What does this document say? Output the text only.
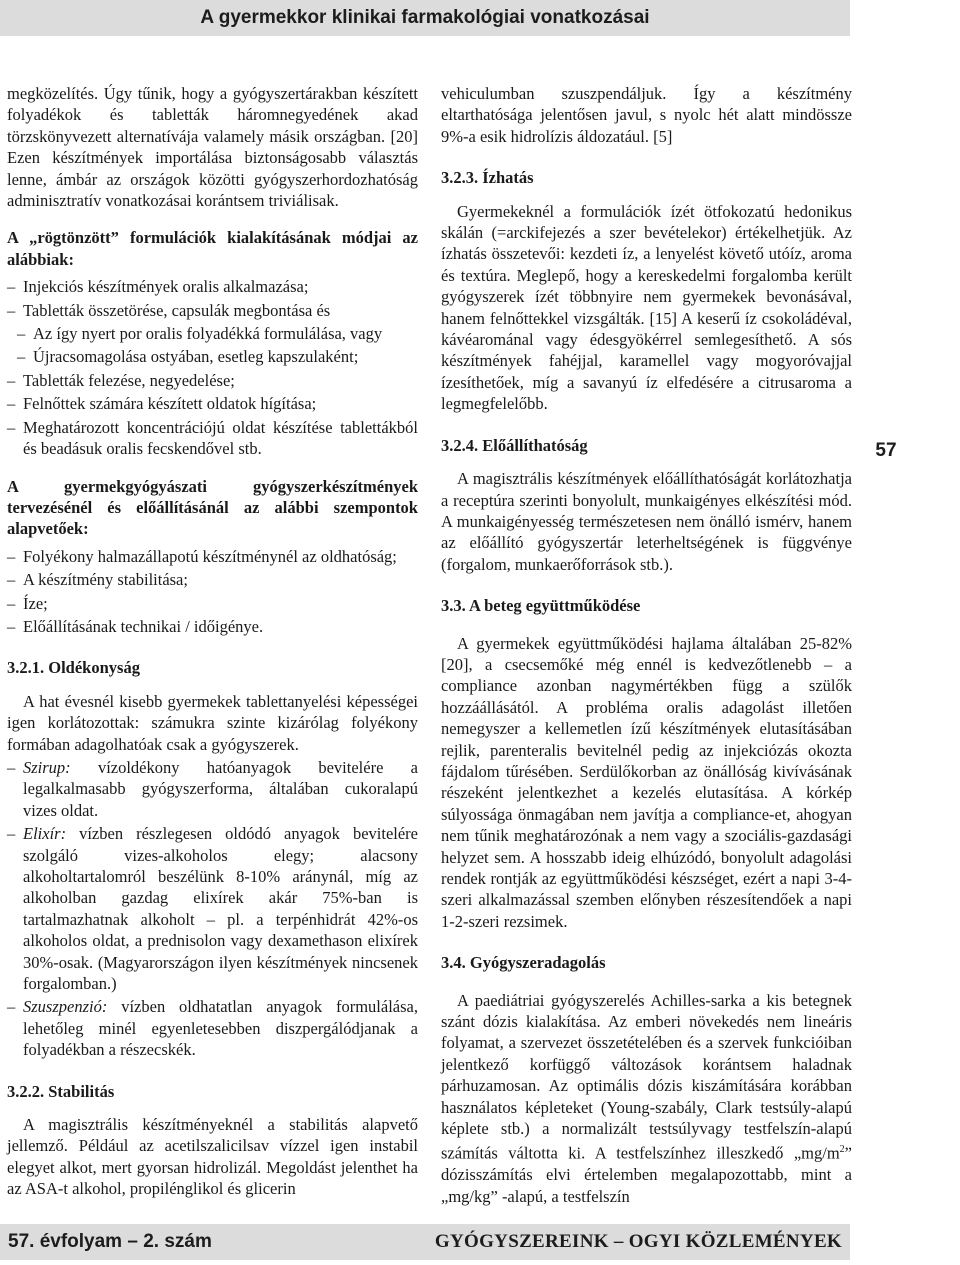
A gyermekkor klinikai farmakológiai vonatkozásai

megközelítés. Úgy tűnik, hogy a gyógyszertárakban készített folyadékok és tabletták háromnegyedének akad törzskönyvezett alternatívája valamely másik országban. [20] Ezen készítmények importálása biztonságosabb választás lenne, ámbár az országok közötti gyógyszerhordozhatóság adminisztratív vonatkozásai korántsem triviálisak.

A „rögtönzött” formulációk kialakításának módjai az alábbiak:

– Injekciós készítmények oralis alkalmazása;
– Tabletták összetörése, capsulák megbontása és
– Az így nyert por oralis folyadékká formulálása, vagy
– Újracsomagolása ostyában, esetleg kapszulaként;
– Tabletták felezése, negyedelése;
– Felnőttek számára készített oldatok hígítása;
– Meghatározott koncentrációjú oldat készítése tablettákból és beadásuk oralis fecskendővel stb.

A gyermekgyógyászati gyógyszerkészítmények tervezésénél és előállításánál az alábbi szempontok alapvetőek:

– Folyékony halmazállapotú készítménynél az oldhatóság;
– A készítmény stabilitása;
– Íze;
– Előállításának technikai / időigénye.

3.2.1. Oldékonyság

A hat évesnél kisebb gyermekek tablettanyelési képességei igen korlátozottak: számukra szinte kizárólag folyékony formában adagolhatóak csak a gyógyszerek.

– Szirup: vízoldékony hatóanyagok bevitelére a legalkalmasabb gyógyszerforma, általában cukoralapú vizes oldat.
– Elixír: vízben részlegesen oldódó anyagok bevitelére szolgáló vizes-alkoholos elegy; alacsony alkoholtartalomról beszélünk 8-10% aránynál, míg az alkoholban gazdag elixírek akár 75%-ban is tartalmazhatnak alkoholt – pl. a terpénhidrát 42%-os alkoholos oldat, a prednisolon vagy dexamethason elixírek 30%-osak. (Magyarországon ilyen készítmények nincsenek forgalomban.)
– Szuszpenzió: vízben oldhatatlan anyagok formulálása, lehetőleg minél egyenletesebben diszpergálódjanak a folyadékban a részecskék.

3.2.2. Stabilitás

A magisztrális készítményeknél a stabilitás alapvető jellemző. Például az acetilszalicilsav vízzel igen instabil elegyet alkot, mert gyorsan hidrolizál. Megoldást jelenthet ha az ASA-t alkohol, propilénglikol és glicerin

vehiculumban szuszpendáljuk. Így a készítmény eltarthatósága jelentősen javul, s nyolc hét alatt mindössze 9%-a esik hidrolízis áldozatául. [5]

3.2.3. Ízhatás

Gyermekeknél a formulációk ízét ötfokozatú hedonikus skálán (=arckifejezés a szer bevételekor) értékelhetjük. Az ízhatás összetevői: kezdeti íz, a lenyelést követő utóíz, aroma és textúra. Meglepő, hogy a kereskedelmi forgalomba került gyógyszerek ízét többnyire nem gyermekek bevonásával, hanem felnőttekkel vizsgálták. [15] A keserű íz csokoládéval, kávéarománal vagy édesgyökérrel semlegesíthető. A sós készítmények fahéjjal, karamellel vagy mogyoróvajjal ízesíthetőek, míg a savanyú íz elfedésére a citrusaroma a legmegfelelőbb.

3.2.4. Előállíthatóság

A magisztrális készítmények előállíthatóságát korlátozhatja a receptúra szerinti bonyolult, munkaigényes elkészítési mód. A munkaigényesség természetesen nem önálló ismérv, hanem az előállító gyógyszertár leterheltségének is függvénye (forgalom, munkaerőforrások stb.).

3.3. A beteg együttműködése

A gyermekek együttműködési hajlama általában 25-82% [20], a csecsemőké még ennél is kedvezőtlenebb – a compliance azonban nagymértékben függ a szülők hozzáállásától. A probléma oralis adagolást illetően nemegyszer a kellemetlen ízű készítmények elutasításában rejlik, parenteralis bevitelnél pedig az injekciózás okozta fájdalom tűrésében. Serdülőkorban az önállóság kivívásának részeként jelentkezhet a kezelés elutasítása. A kórkép súlyossága önmagában nem javítja a compliance-et, ahogyan nem tűnik meghatározónak a nem vagy a szociális-gazdasági helyzet sem. A hosszabb ideig elhúzódó, bonyolult adagolási rendek rontják az együttműködési készséget, ezért a napi 3-4-szeri alkalmazással szemben előnyben részesítendőek a napi 1-2-szeri rezsimek.

3.4. Gyógyszeradagolás

A paediátriai gyógyszerelés Achilles-sarka a kis betegnek szánt dózis kialakítása. Az emberi növekedés nem lineáris folyamat, a szervezet összetételében és a szervek funkcióiban jelentkező korfüggő változások korántsem haladnak párhuzamosan. Az optimális dózis kiszámítására korábban használatos képleteket (Young-szabály, Clark testsúly-alapú képlete stb.) a normalizált testsúlyvagy testfelszín-alapú számítás váltotta ki. A testfelszínhez illeszkedő $„mg/m^2$” dózisszámítás elvi értelemben megalapozottabb, mint a „mg/kg” -alapú, a testfelszín

57
57. évfolyam – 2. szám	GYÓGYSZEREINK – OGYI KÖZLEMÉNYEK
